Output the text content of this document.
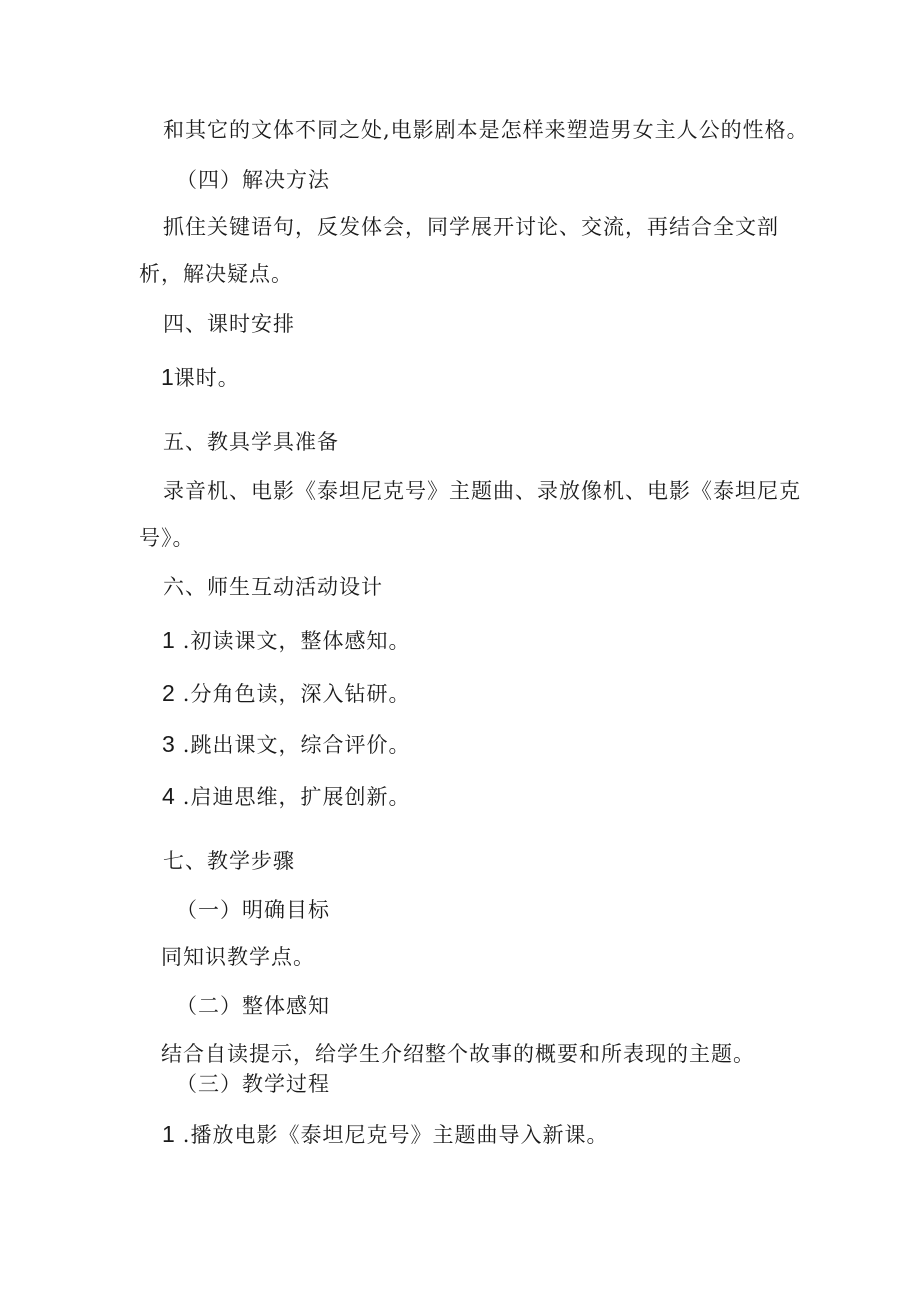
和其它的文体不同之处,电影剧本是怎样来塑造男女主人公的性格。
（四）解决方法
抓住关键语句，反发体会，同学展开讨论、交流，再结合全文剖
析，解决疑点。
四、课时安排
1课时。
五、教具学具准备
录音机、电影《泰坦尼克号》主题曲、录放像机、电影《泰坦尼克
号》。
六、师生互动活动设计
1 .初读课文，整体感知。
2 .分角色读，深入钻研。
3 .跳出课文，综合评价。
4 .启迪思维，扩展创新。
七、教学步骤
（一）明确目标
同知识教学点。
（二）整体感知
结合自读提示，给学生介绍整个故事的概要和所表现的主题。
（三）教学过程
1 .播放电影《泰坦尼克号》主题曲导入新课。
